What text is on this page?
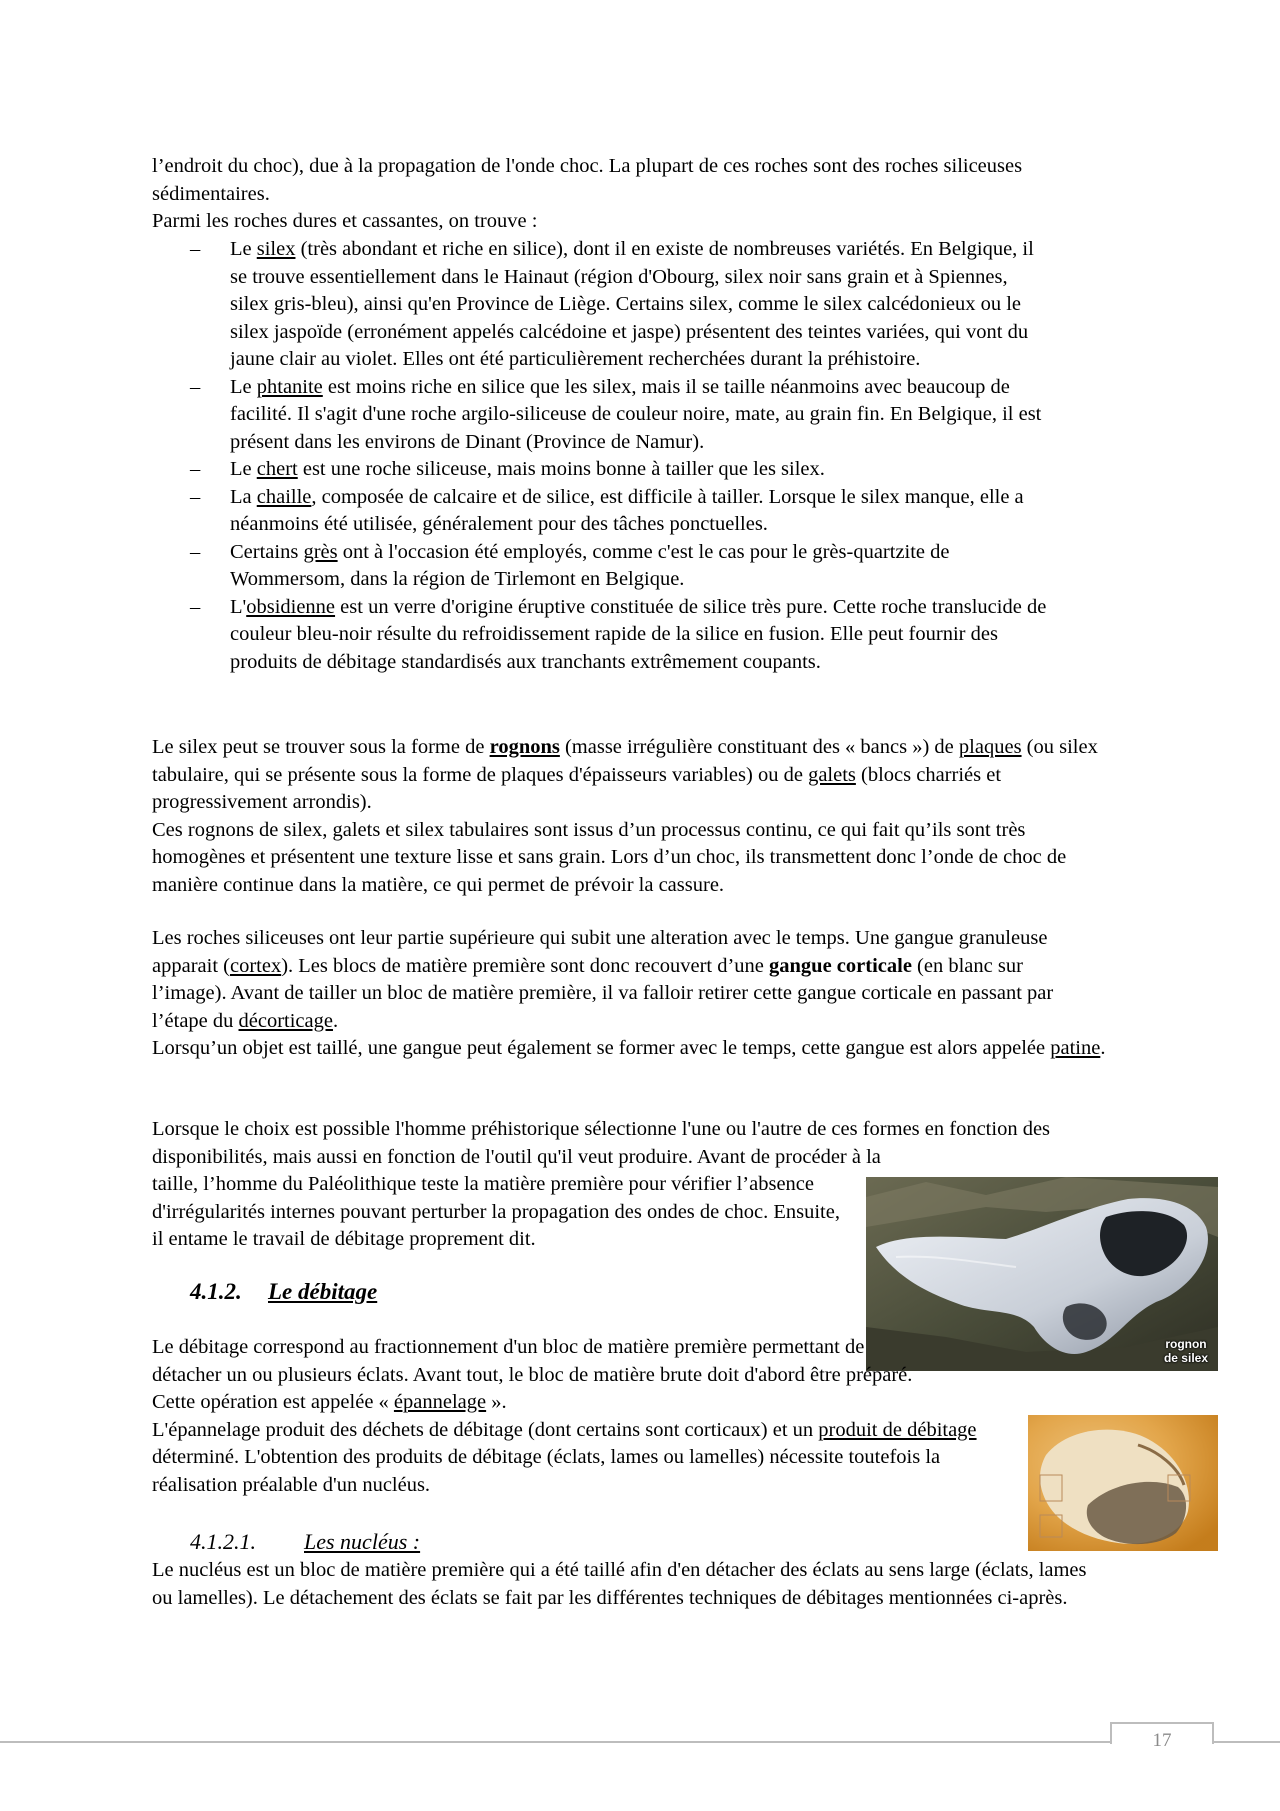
l’endroit du choc), due à la propagation de l'onde choc. La plupart de ces roches sont des roches siliceuses sédimentaires.

Parmi les roches dures et cassantes, on trouve :

– Le silex (très abondant et riche en silice), dont il en existe de nombreuses variétés. En Belgique, il se trouve essentiellement dans le Hainaut (région d'Obourg, silex noir sans grain et à Spiennes, silex gris-bleu), ainsi qu'en Province de Liège. Certains silex, comme le silex calcédonieux ou le silex jaspoïde (erronément appelés calcédoine et jaspe) présentent des teintes variées, qui vont du jaune clair au violet. Elles ont été particulièrement recherchées durant la préhistoire.
– Le phtanite est moins riche en silice que les silex, mais il se taille néanmoins avec beaucoup de facilité. Il s'agit d'une roche argilo-siliceuse de couleur noire, mate, au grain fin. En Belgique, il est présent dans les environs de Dinant (Province de Namur).
– Le chert est une roche siliceuse, mais moins bonne à tailler que les silex.
– La chaille, composée de calcaire et de silice, est difficile à tailler. Lorsque le silex manque, elle a néanmoins été utilisée, généralement pour des tâches ponctuelles.
– Certains grès ont à l'occasion été employés, comme c'est le cas pour le grès-quartzite de Wommersom, dans la région de Tirlemont en Belgique.
– L'obsidienne est un verre d'origine éruptive constituée de silice très pure. Cette roche translucide de couleur bleu-noir résulte du refroidissement rapide de la silice en fusion. Elle peut fournir des produits de débitage standardisés aux tranchants extrêmement coupants.

Le silex peut se trouver sous la forme de rognons (masse irrégulière constituant des « bancs ») de plaques (ou silex tabulaire, qui se présente sous la forme de plaques d'épaisseurs variables) ou de galets (blocs charriés et progressivement arrondis).

Ces rognons de silex, galets et silex tabulaires sont issus d’un processus continu, ce qui fait qu’ils sont très homogènes et présentent une texture lisse et sans grain. Lors d’un choc, ils transmettent donc l’onde de choc de manière continue dans la matière, ce qui permet de prévoir la cassure.

Les roches siliceuses ont leur partie supérieure qui subit une alteration avec le temps. Une gangue granuleuse apparait (cortex). Les blocs de matière première sont donc recouvert d’une gangue corticale (en blanc sur l’image). Avant de tailler un bloc de matière première, il va falloir retirer cette gangue corticale en passant par l’étape du décorticage.

Lorsqu’un objet est taillé, une gangue peut également se former avec le temps, cette gangue est alors appelée patine.

Lorsque le choix est possible l'homme préhistorique sélectionne l'une ou l'autre de ces formes en fonction des disponibilités, mais aussi en fonction de l'outil qu'il veut produire. Avant de procéder à la

taille, l’homme du Paléolithique teste la matière première pour vérifier l’absence d'irrégularités internes pouvant perturber la propagation des ondes de choc. Ensuite, il entame le travail de débitage proprement dit.

rognon
de silex
4.1.2. Le débitage

Le débitage correspond au fractionnement d'un bloc de matière première permettant de détacher un ou plusieurs éclats. Avant tout, le bloc de matière brute doit d'abord être préparé. Cette opération est appelée « épannelage ».

L'épannelage produit des déchets de débitage (dont certains sont corticaux) et un produit de débitage déterminé. L'obtention des produits de débitage (éclats, lames ou lamelles) nécessite toutefois la réalisation préalable d'un nucléus.

4.1.2.1. Les nucléus :

Le nucléus est un bloc de matière première qui a été taillé afin d'en détacher des éclats au sens large (éclats, lames ou lamelles). Le détachement des éclats se fait par les différentes techniques de débitages mentionnées ci-après.

17
